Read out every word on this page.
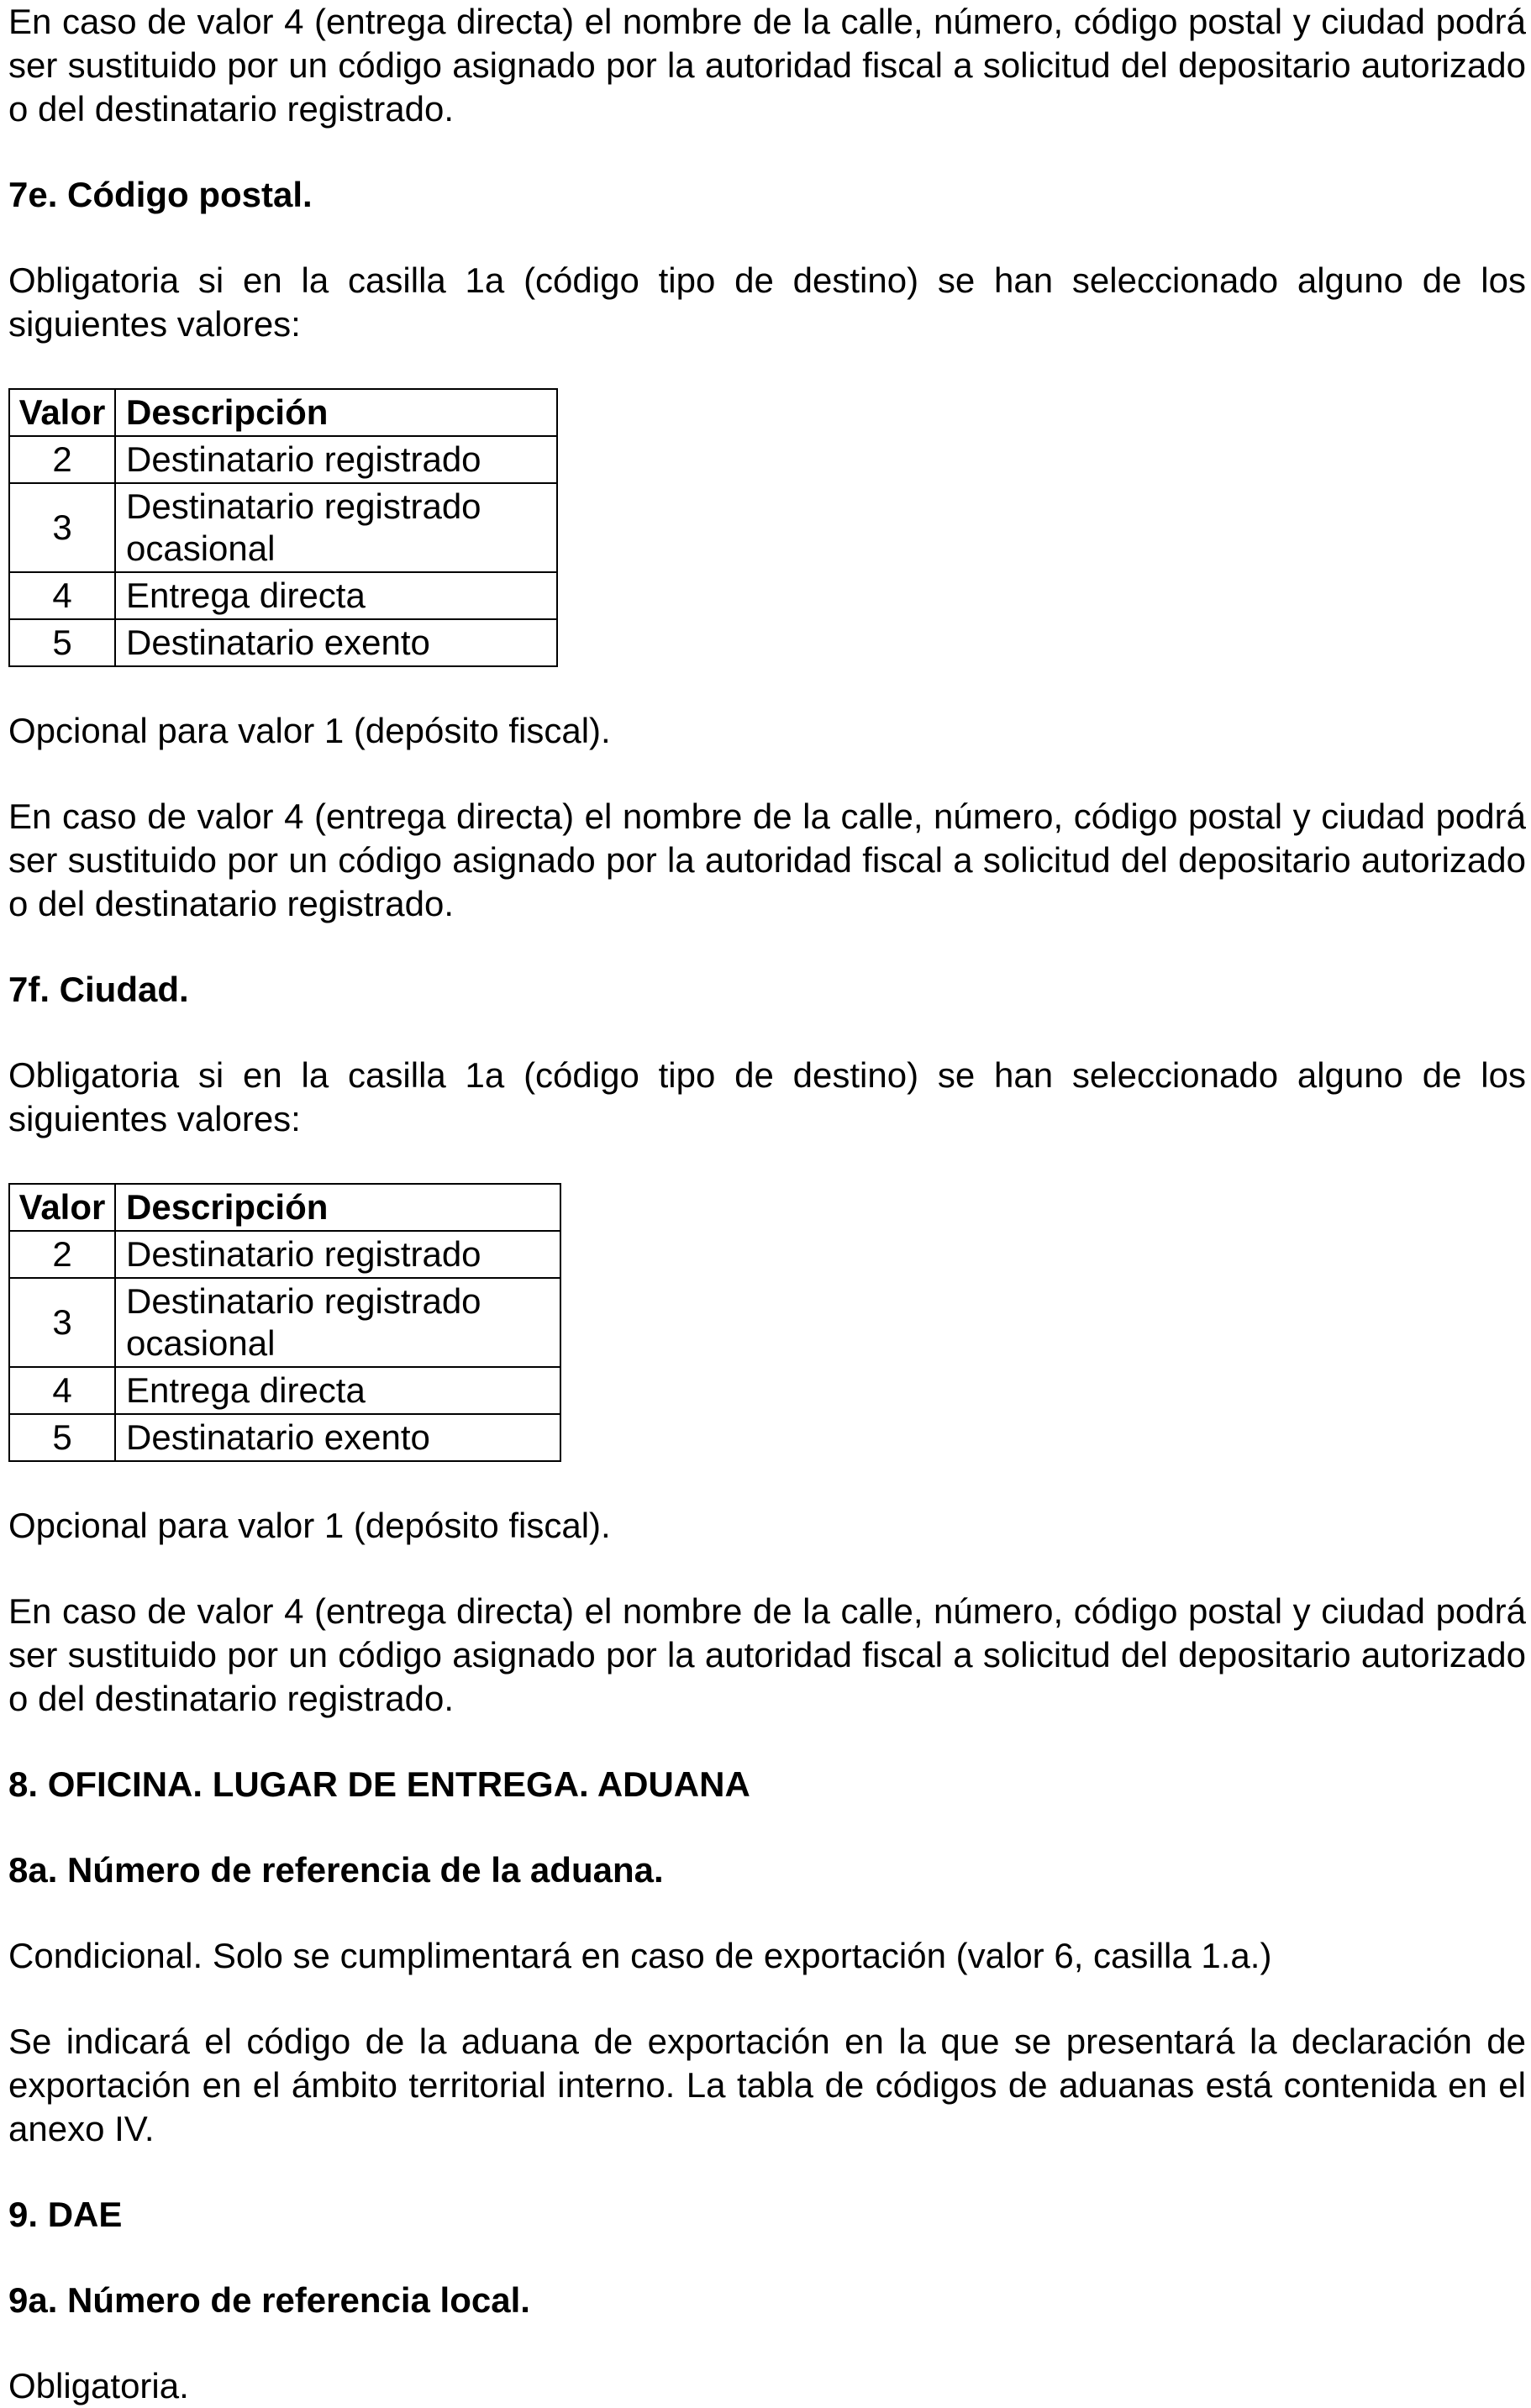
En caso de valor 4 (entrega directa) el nombre de la calle, número, código postal y ciudad podrá ser sustituido por un código asignado por la autoridad fiscal a solicitud del depositario autorizado o del destinatario registrado.

7e. Código postal.

Obligatoria si en la casilla 1a (código tipo de destino) se han seleccionado alguno de los siguientes valores:

Valor	Descripción
2	Destinatario registrado
3	Destinatario registrado ocasional
4	Entrega directa
5	Destinatario exento

Opcional para valor 1 (depósito fiscal).

En caso de valor 4 (entrega directa) el nombre de la calle, número, código postal y ciudad podrá ser sustituido por un código asignado por la autoridad fiscal a solicitud del depositario autorizado o del destinatario registrado.

7f. Ciudad.

Obligatoria si en la casilla 1a (código tipo de destino) se han seleccionado alguno de los siguientes valores:

Valor	Descripción
2	Destinatario registrado
3	Destinatario registrado ocasional
4	Entrega directa
5	Destinatario exento

Opcional para valor 1 (depósito fiscal).

En caso de valor 4 (entrega directa) el nombre de la calle, número, código postal y ciudad podrá ser sustituido por un código asignado por la autoridad fiscal a solicitud del depositario autorizado o del destinatario registrado.

8. OFICINA. LUGAR DE ENTREGA. ADUANA

8a. Número de referencia de la aduana.

Condicional. Solo se cumplimentará en caso de exportación (valor 6, casilla 1.a.)

Se indicará el código de la aduana de exportación en la que se presentará la declaración de exportación en el ámbito territorial interno. La tabla de códigos de aduanas está contenida en el anexo IV.

9. DAE

9a. Número de referencia local.

Obligatoria.
